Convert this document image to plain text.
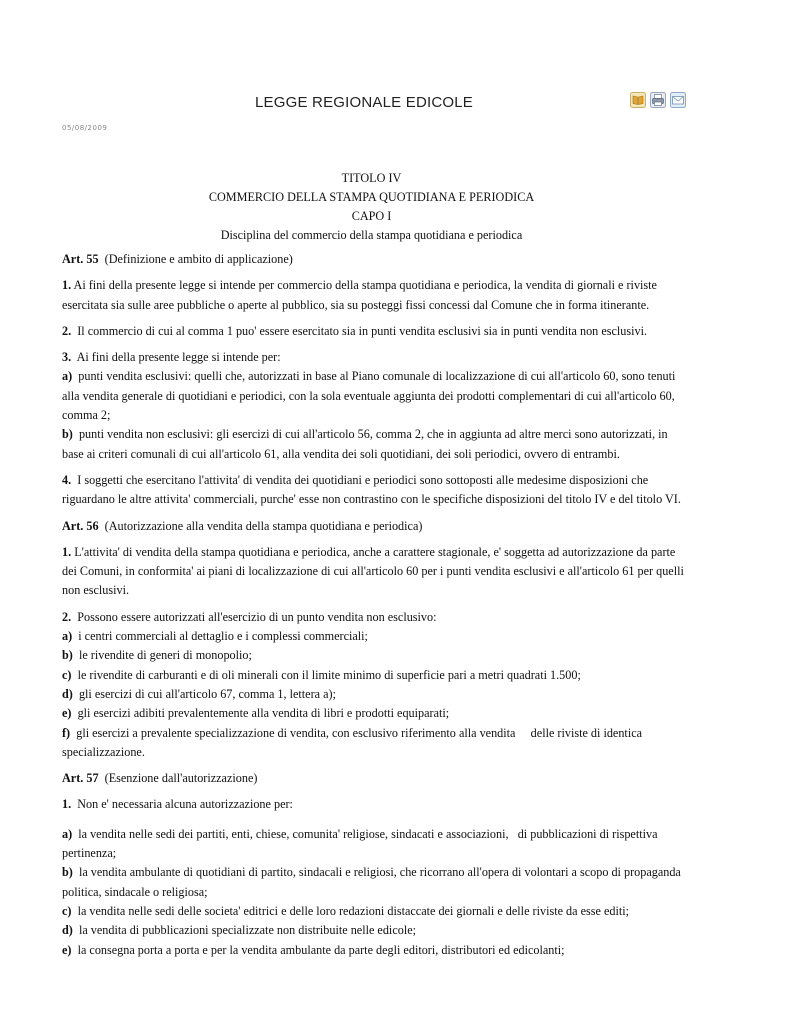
LEGGE REGIONALE EDICOLE
05/08/2009
TITOLO IV
COMMERCIO DELLA STAMPA QUOTIDIANA E PERIODICA
CAPO I
Disciplina del commercio della stampa quotidiana e periodica

Art. 55 (Definizione e ambito di applicazione)

1. Ai fini della presente legge si intende per commercio della stampa quotidiana e periodica, la vendita di giornali e riviste
esercitata sia sulle aree pubbliche o aperte al pubblico, sia su posteggi fissi concessi dal Comune che in forma itinerante.

2. Il commercio di cui al comma 1 puo' essere esercitato sia in punti vendita esclusivi sia in punti vendita non esclusivi.

3. Ai fini della presente legge si intende per:
a) punti vendita esclusivi: quelli che, autorizzati in base al Piano comunale di localizzazione di cui all'articolo 60, sono tenuti
alla vendita generale di quotidiani e periodici, con la sola eventuale aggiunta dei prodotti complementari di cui all'articolo 60,
comma 2;
b) punti vendita non esclusivi: gli esercizi di cui all'articolo 56, comma 2, che in aggiunta ad altre merci sono autorizzati, in
base ai criteri comunali di cui all'articolo 61, alla vendita dei soli quotidiani, dei soli periodici, ovvero di entrambi.

4. I soggetti che esercitano l'attivita' di vendita dei quotidiani e periodici sono sottoposti alle medesime disposizioni che
riguardano le altre attivita' commerciali, purche' esse non contrastino con le specifiche disposizioni del titolo IV e del titolo VI.

Art. 56 (Autorizzazione alla vendita della stampa quotidiana e periodica)

1. L'attivita' di vendita della stampa quotidiana e periodica, anche a carattere stagionale, e' soggetta ad autorizzazione da parte
dei Comuni, in conformita' ai piani di localizzazione di cui all'articolo 60 per i punti vendita esclusivi e all'articolo 61 per quelli
non esclusivi.

2. Possono essere autorizzati all'esercizio di un punto vendita non esclusivo:
a) i centri commerciali al dettaglio e i complessi commerciali;
b) le rivendite di generi di monopolio;
c) le rivendite di carburanti e di oli minerali con il limite minimo di superficie pari a metri quadrati 1.500;
d) gli esercizi di cui all'articolo 67, comma 1, lettera a);
e) gli esercizi adibiti prevalentemente alla vendita di libri e prodotti equiparati;
f) gli esercizi a prevalente specializzazione di vendita, con esclusivo riferimento alla vendita     delle riviste di identica
specializzazione.

Art. 57 (Esenzione dall'autorizzazione)

1. Non e' necessaria alcuna autorizzazione per:

a) la vendita nelle sedi dei partiti, enti, chiese, comunita' religiose, sindacati e associazioni,   di pubblicazioni di rispettiva
pertinenza;
b) la vendita ambulante di quotidiani di partito, sindacali e religiosi, che ricorrano all'opera di volontari a scopo di propaganda
politica, sindacale o religiosa;
c) la vendita nelle sedi delle societa' editrici e delle loro redazioni distaccate dei giornali e delle riviste da esse editi;
d) la vendita di pubblicazioni specializzate non distribuite nelle edicole;
e) la consegna porta a porta e per la vendita ambulante da parte degli editori, distributori ed edicolanti;
